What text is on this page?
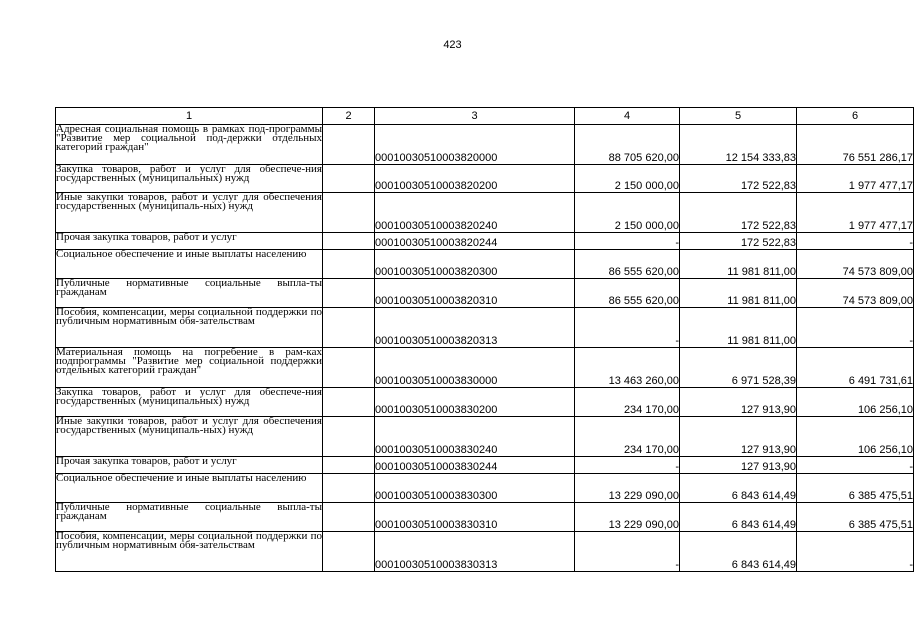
423
1	2	3	4	5	6
Адресная социальная помощь в рамках под-программы "Развитие мер социальной под-держки отдельных категорий граждан"		00010030510003820000	88 705 620,00	12 154 333,83	76 551 286,17
Закупка товаров, работ и услуг для обеспече-ния государственных (муниципальных) нужд		00010030510003820200	2 150 000,00	172 522,83	1 977 477,17
Иные закупки товаров, работ и услуг для обеспечения государственных (муниципаль-ных) нужд		00010030510003820240	2 150 000,00	172 522,83	1 977 477,17
Прочая закупка товаров, работ и услуг		00010030510003820244	-	172 522,83	-
Социальное обеспечение и иные выплаты населению		00010030510003820300	86 555 620,00	11 981 811,00	74 573 809,00
Публичные нормативные социальные выпла-ты гражданам		00010030510003820310	86 555 620,00	11 981 811,00	74 573 809,00
Пособия, компенсации, меры социальной поддержки по публичным нормативным обя-зательствам		00010030510003820313	-	11 981 811,00	-
Материальная помощь на погребение в рам-ках подпрограммы "Развитие мер социальной поддержки отдельных категорий граждан"		00010030510003830000	13 463 260,00	6 971 528,39	6 491 731,61
Закупка товаров, работ и услуг для обеспече-ния государственных (муниципальных) нужд		00010030510003830200	234 170,00	127 913,90	106 256,10
Иные закупки товаров, работ и услуг для обеспечения государственных (муниципаль-ных) нужд		00010030510003830240	234 170,00	127 913,90	106 256,10
Прочая закупка товаров, работ и услуг		00010030510003830244	-	127 913,90	-
Социальное обеспечение и иные выплаты населению		00010030510003830300	13 229 090,00	6 843 614,49	6 385 475,51
Публичные нормативные социальные выпла-ты гражданам		00010030510003830310	13 229 090,00	6 843 614,49	6 385 475,51
Пособия, компенсации, меры социальной поддержки по публичным нормативным обя-зательствам		00010030510003830313	-	6 843 614,49	-
